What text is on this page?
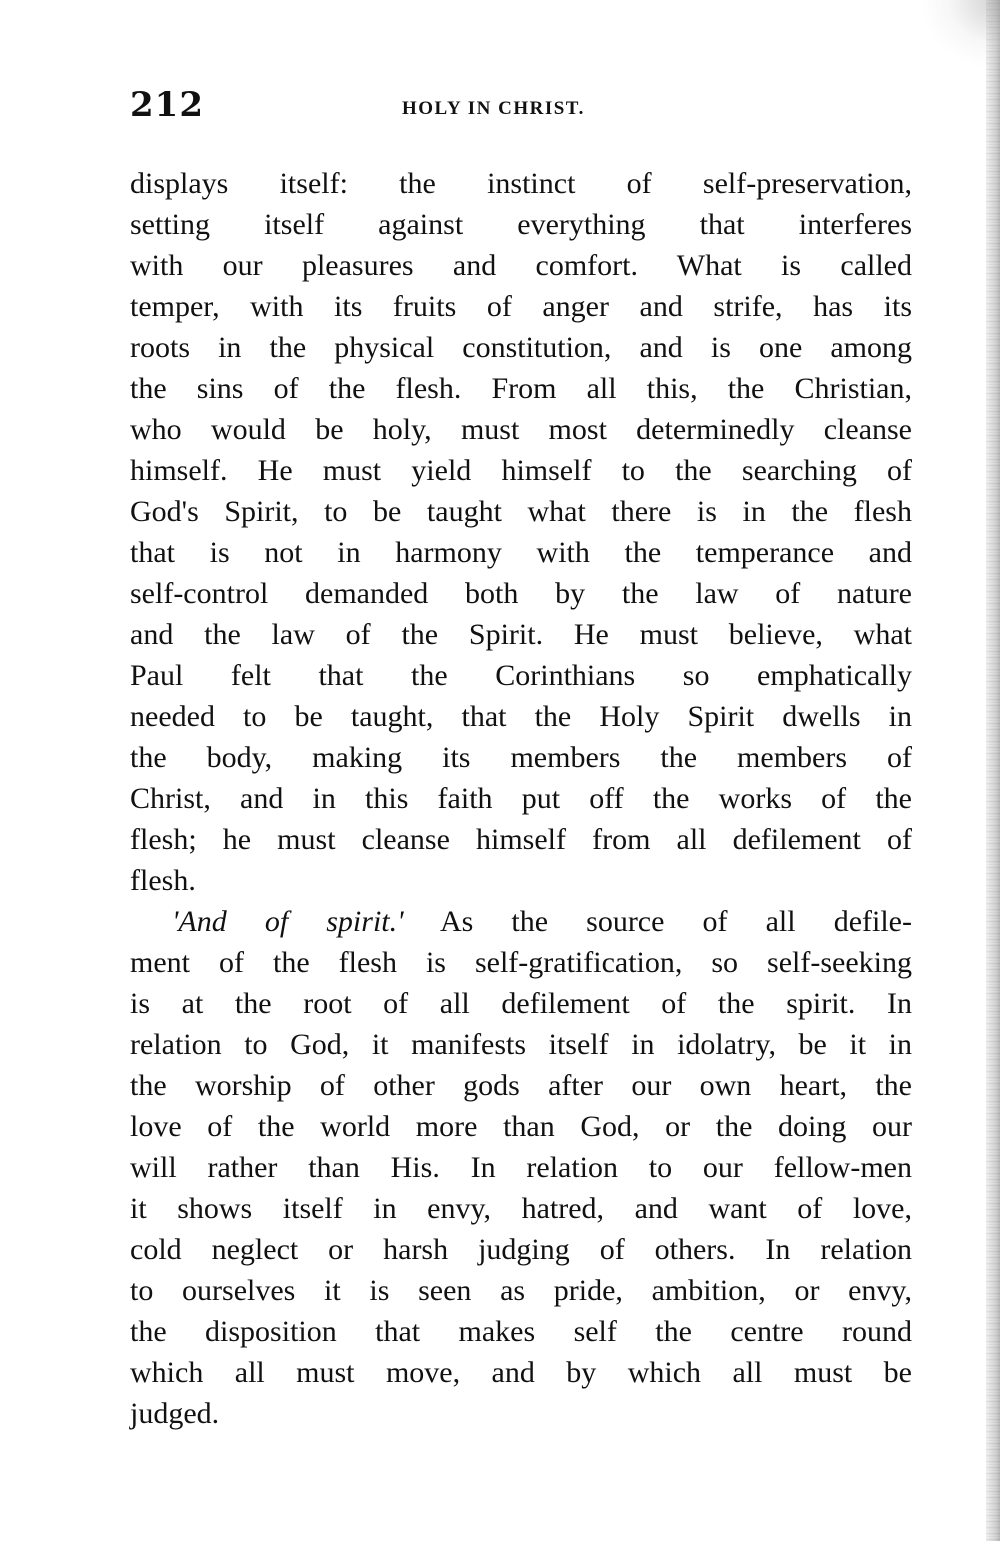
212	HOLY IN CHRIST.
displays itself: the instinct of self-preservation,
setting itself against everything that interferes
with our pleasures and comfort. What is called
temper, with its fruits of anger and strife, has its
roots in the physical constitution, and is one among
the sins of the flesh. From all this, the Christian,
who would be holy, must most determinedly cleanse
himself. He must yield himself to the searching of
God's Spirit, to be taught what there is in the flesh
that is not in harmony with the temperance and
self-control demanded both by the law of nature
and the law of the Spirit. He must believe, what
Paul felt that the Corinthians so emphatically
needed to be taught, that the Holy Spirit dwells in
the body, making its members the members of
Christ, and in this faith put off the works of the
flesh; he must cleanse himself from all defilement of
flesh.
'And of spirit.' As the source of all defile-
ment of the flesh is self-gratification, so self-seeking
is at the root of all defilement of the spirit. In
relation to God, it manifests itself in idolatry, be it in
the worship of other gods after our own heart, the
love of the world more than God, or the doing our
will rather than His. In relation to our fellow-men
it shows itself in envy, hatred, and want of love,
cold neglect or harsh judging of others. In relation
to ourselves it is seen as pride, ambition, or envy,
the disposition that makes self the centre round
which all must move, and by which all must be
judged.
